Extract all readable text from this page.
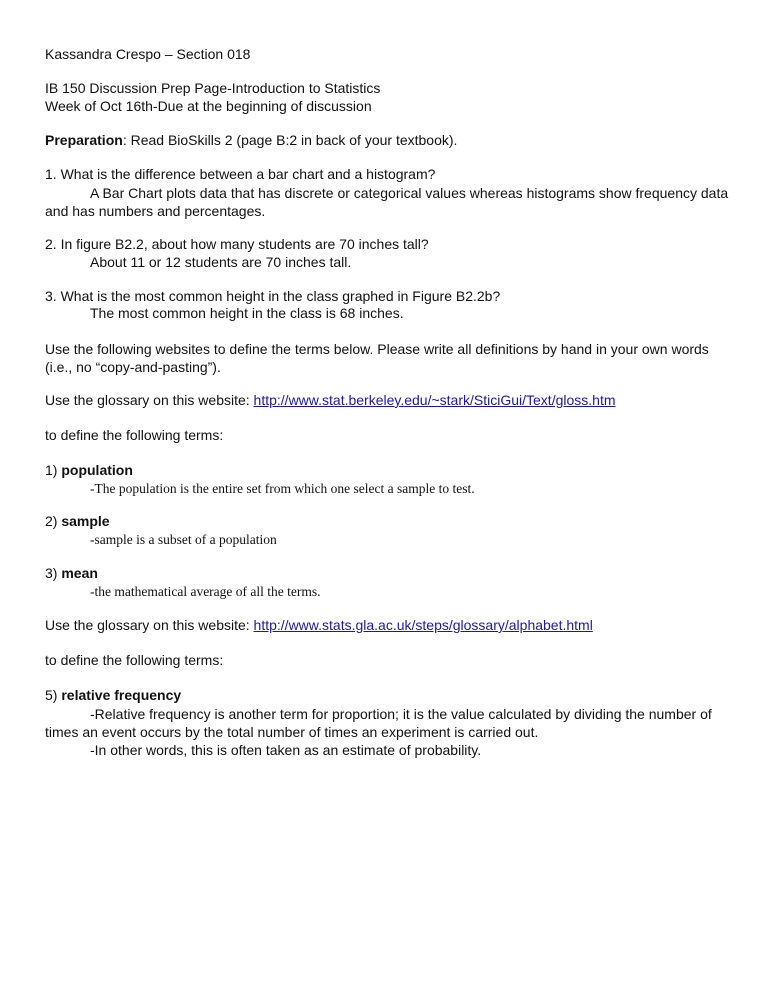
Kassandra Crespo – Section 018
IB 150 Discussion Prep Page-Introduction to Statistics
Week of Oct 16th-Due at the beginning of discussion
Preparation: Read BioSkills 2 (page B:2 in back of your textbook).
1. What is the difference between a bar chart and a histogram?
A Bar Chart plots data that has discrete or categorical values whereas histograms show frequency data and has numbers and percentages.
2. In figure B2.2, about how many students are 70 inches tall?
About 11 or 12 students are 70 inches tall.
3. What is the most common height in the class graphed in Figure B2.2b?
The most common height in the class is 68 inches.
Use the following websites to define the terms below. Please write all definitions by hand in your own words (i.e., no “copy-and-pasting”).
Use the glossary on this website: http://www.stat.berkeley.edu/~stark/SticiGui/Text/gloss.htm
to define the following terms:
1) population
-The population is the entire set from which one select a sample to test.
2) sample
-sample is a subset of a population
3) mean
-the mathematical average of all the terms.
Use the glossary on this website: http://www.stats.gla.ac.uk/steps/glossary/alphabet.html
to define the following terms:
5) relative frequency
-Relative frequency is another term for proportion; it is the value calculated by dividing the number of times an event occurs by the total number of times an experiment is carried out.
-In other words, this is often taken as an estimate of probability.
